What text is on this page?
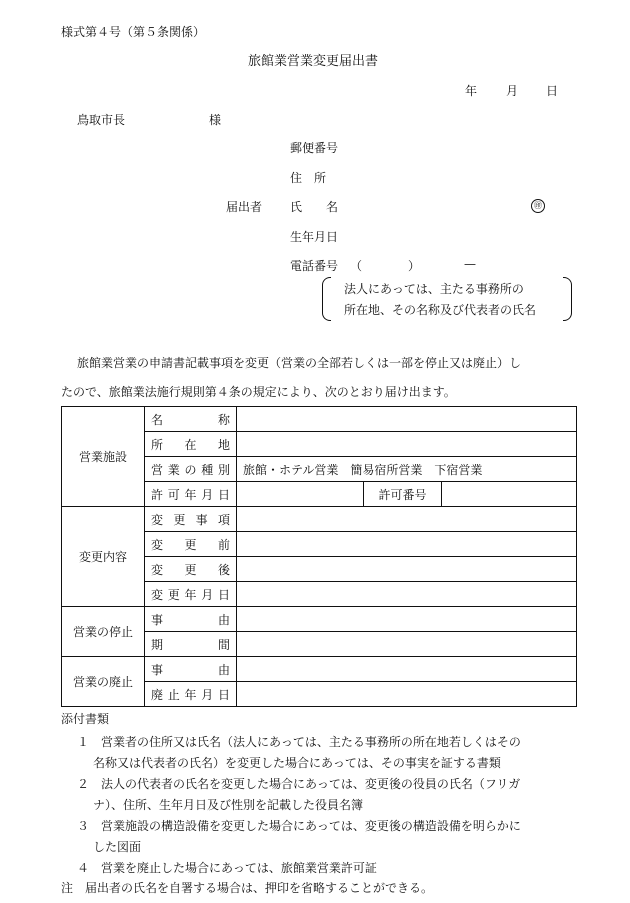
様式第４号（第５条関係）
旅館業営業変更届出書
年 月 日
鳥取市長	様
郵便番号
住　所
届出者 氏　　名	㊞
生年月日
電話番号 （	）	—
法人にあっては、主たる事務所の
所在地、その名称及び代表者の氏名
旅館業営業の申請書記載事項を変更（営業の全部若しくは一部を停止又は廃止）し
たので、旅館業法施行規則第４条の規定により、次のとおり届け出ます。
営業施設	名称			
	所在地			
	営業の種別	旅館・ホテル営業　簡易宿所営業　下宿営業		
	許可年月日		許可番号	
変更内容	変更事項			
	変更前			
	変更後			
	変更年月日			
営業の停止	事由			
	期間			
営業の廃止	事由			
	廃止年月日			
添付書類
１　営業者の住所又は氏名（法人にあっては、主たる事務所の所在地若しくはその
名称又は代表者の氏名）を変更した場合にあっては、その事実を証する書類
２　法人の代表者の氏名を変更した場合にあっては、変更後の役員の氏名（フリガ
ナ）、住所、生年月日及び性別を記載した役員名簿
３　営業施設の構造設備を変更した場合にあっては、変更後の構造設備を明らかに
した図面
４　営業を廃止した場合にあっては、旅館業営業許可証
注　届出者の氏名を自署する場合は、押印を省略することができる。
